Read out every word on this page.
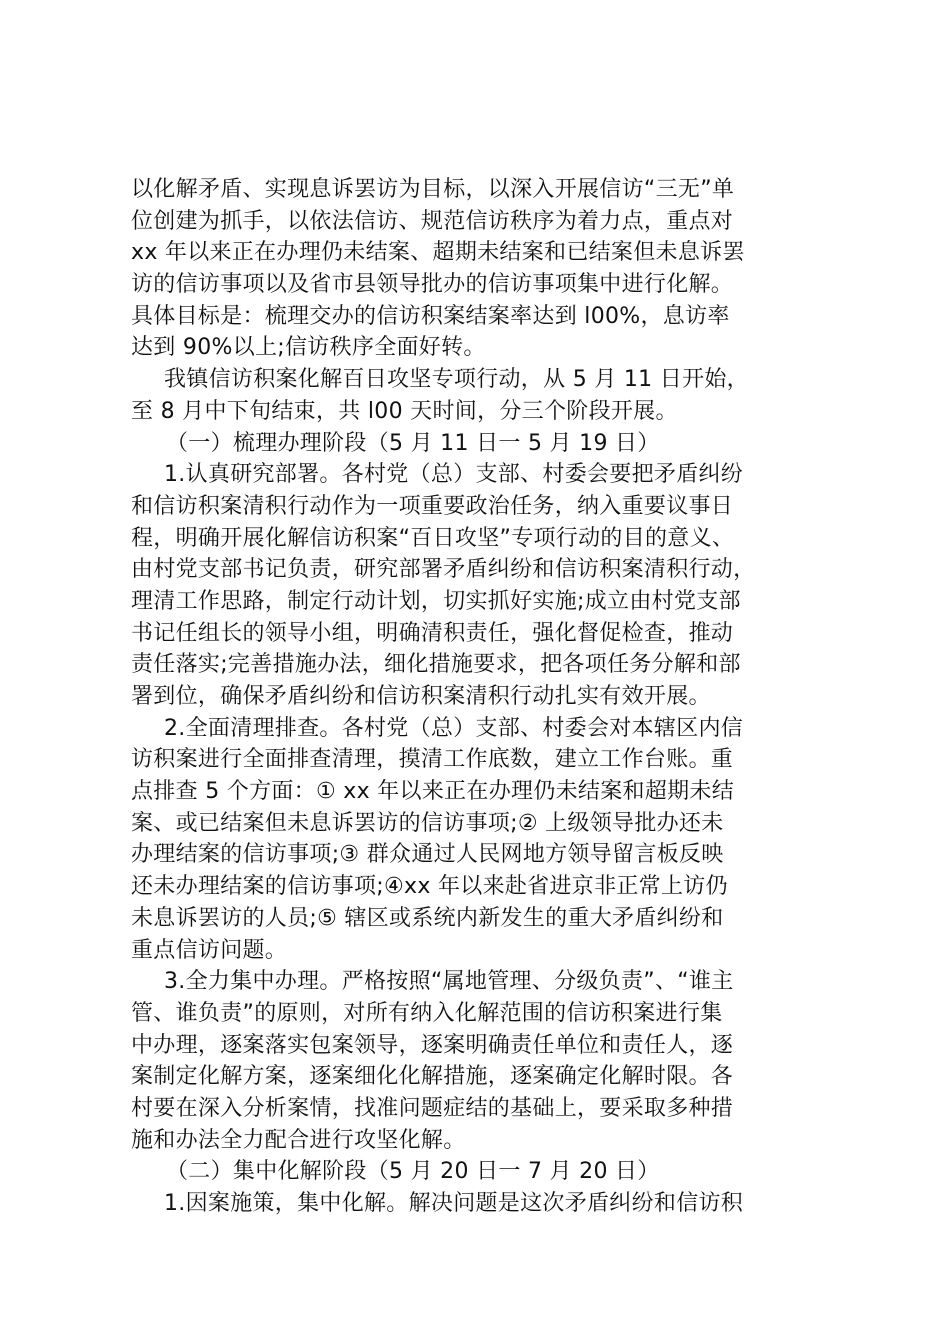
以化解矛盾、实现息诉罢访为目标，以深入开展信访“三无”单
位创建为抓手，以依法信访、规范信访秩序为着力点，重点对
xx 年以来正在办理仍未结案、超期未结案和已结案但未息诉罢
访的信访事项以及省市县领导批办的信访事项集中进行化解。
具体目标是：梳理交办的信访积案结案率达到 l00%，息访率
达到 90%以上;信访秩序全面好转。
我镇信访积案化解百日攻坚专项行动，从 5 月 11 日开始，
至 8 月中下旬结束，共 l00 天时间，分三个阶段开展。
（一）梳理办理阶段（5 月 11 日一 5 月 19 日）
1.认真研究部署。各村党（总）支部、村委会要把矛盾纠纷
和信访积案清积行动作为一项重要政治任务，纳入重要议事日
程，明确开展化解信访积案“百日攻坚”专项行动的目的意义、
由村党支部书记负责，研究部署矛盾纠纷和信访积案清积行动，
理清工作思路，制定行动计划，切实抓好实施;成立由村党支部
书记任组长的领导小组，明确清积责任，强化督促检查，推动
责任落实;完善措施办法，细化措施要求，把各项任务分解和部
署到位，确保矛盾纠纷和信访积案清积行动扎实有效开展。
2.全面清理排查。各村党（总）支部、村委会对本辖区内信
访积案进行全面排查清理，摸清工作底数，建立工作台账。重
点排查 5 个方面：① xx 年以来正在办理仍未结案和超期未结
案、或已结案但未息诉罢访的信访事项;② 上级领导批办还未
办理结案的信访事项;③ 群众通过人民网地方领导留言板反映
还未办理结案的信访事项;④xx 年以来赴省进京非正常上访仍
未息诉罢访的人员;⑤ 辖区或系统内新发生的重大矛盾纠纷和
重点信访问题。
3.全力集中办理。严格按照“属地管理、分级负责”、“谁主
管、谁负责”的原则，对所有纳入化解范围的信访积案进行集
中办理，逐案落实包案领导，逐案明确责任单位和责任人，逐
案制定化解方案，逐案细化化解措施，逐案确定化解时限。各
村要在深入分析案情，找准问题症结的基础上，要采取多种措
施和办法全力配合进行攻坚化解。
（二）集中化解阶段（5 月 20 日一 7 月 20 日）
1.因案施策，集中化解。解决问题是这次矛盾纠纷和信访积
